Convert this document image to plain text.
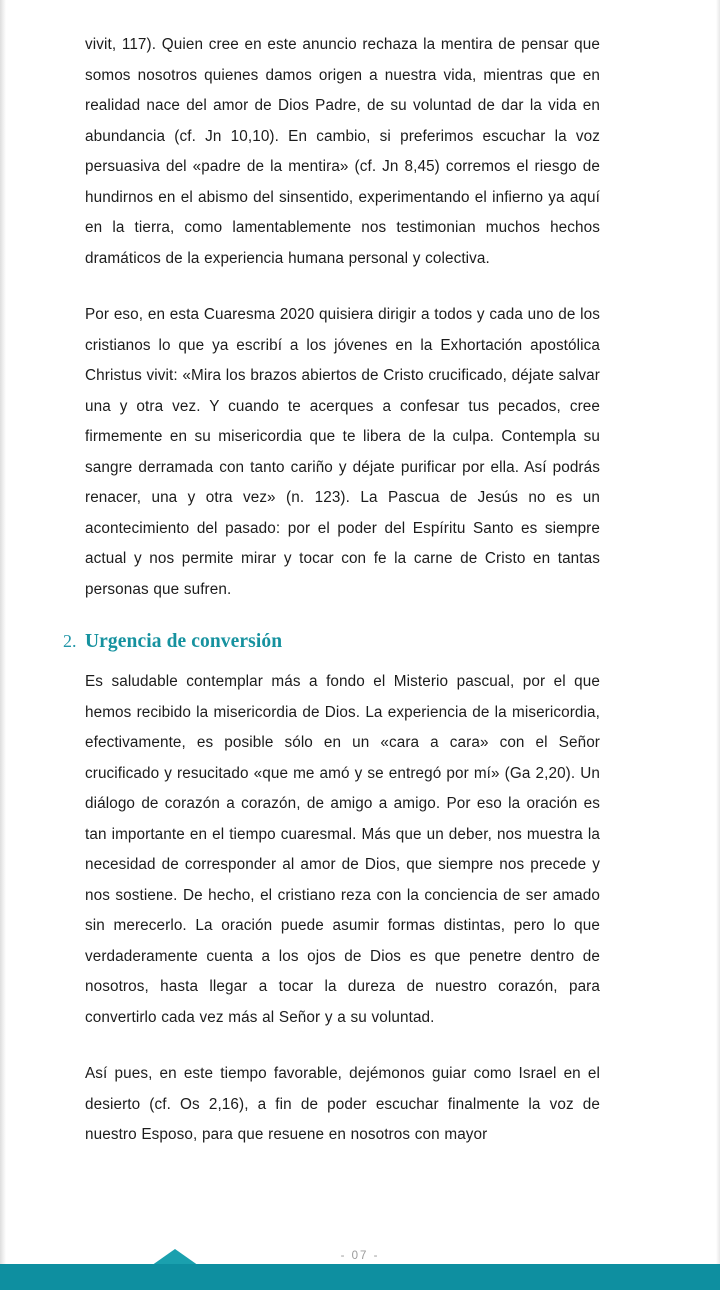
vivit, 117). Quien cree en este anuncio rechaza la mentira de pensar que somos nosotros quienes damos origen a nuestra vida, mientras que en realidad nace del amor de Dios Padre, de su voluntad de dar la vida en abundancia (cf. Jn 10,10). En cambio, si preferimos escuchar la voz persuasiva del «padre de la mentira» (cf. Jn 8,45) corremos el riesgo de hundirnos en el abismo del sinsentido, experimentando el infierno ya aquí en la tierra, como lamentablemente nos testimonian muchos hechos dramáticos de la experiencia humana personal y colectiva.

Por eso, en esta Cuaresma 2020 quisiera dirigir a todos y cada uno de los cristianos lo que ya escribí a los jóvenes en la Exhortación apostólica Christus vivit: «Mira los brazos abiertos de Cristo crucificado, déjate salvar una y otra vez. Y cuando te acerques a confesar tus pecados, cree firmemente en su misericordia que te libera de la culpa. Contempla su sangre derramada con tanto cariño y déjate purificar por ella. Así podrás renacer, una y otra vez» (n. 123). La Pascua de Jesús no es un acontecimiento del pasado: por el poder del Espíritu Santo es siempre actual y nos permite mirar y tocar con fe la carne de Cristo en tantas personas que sufren.

2. Urgencia de conversión

Es saludable contemplar más a fondo el Misterio pascual, por el que hemos recibido la misericordia de Dios. La experiencia de la misericordia, efectivamente, es posible sólo en un «cara a cara» con el Señor crucificado y resucitado «que me amó y se entregó por mí» (Ga 2,20). Un diálogo de corazón a corazón, de amigo a amigo. Por eso la oración es tan importante en el tiempo cuaresmal. Más que un deber, nos muestra la necesidad de corresponder al amor de Dios, que siempre nos precede y nos sostiene. De hecho, el cristiano reza con la conciencia de ser amado sin merecerlo. La oración puede asumir formas distintas, pero lo que verdaderamente cuenta a los ojos de Dios es que penetre dentro de nosotros, hasta llegar a tocar la dureza de nuestro corazón, para convertirlo cada vez más al Señor y a su voluntad.

Así pues, en este tiempo favorable, dejémonos guiar como Israel en el desierto (cf. Os 2,16), a fin de poder escuchar finalmente la voz de nuestro Esposo, para que resuene en nosotros con mayor

- 07 -
